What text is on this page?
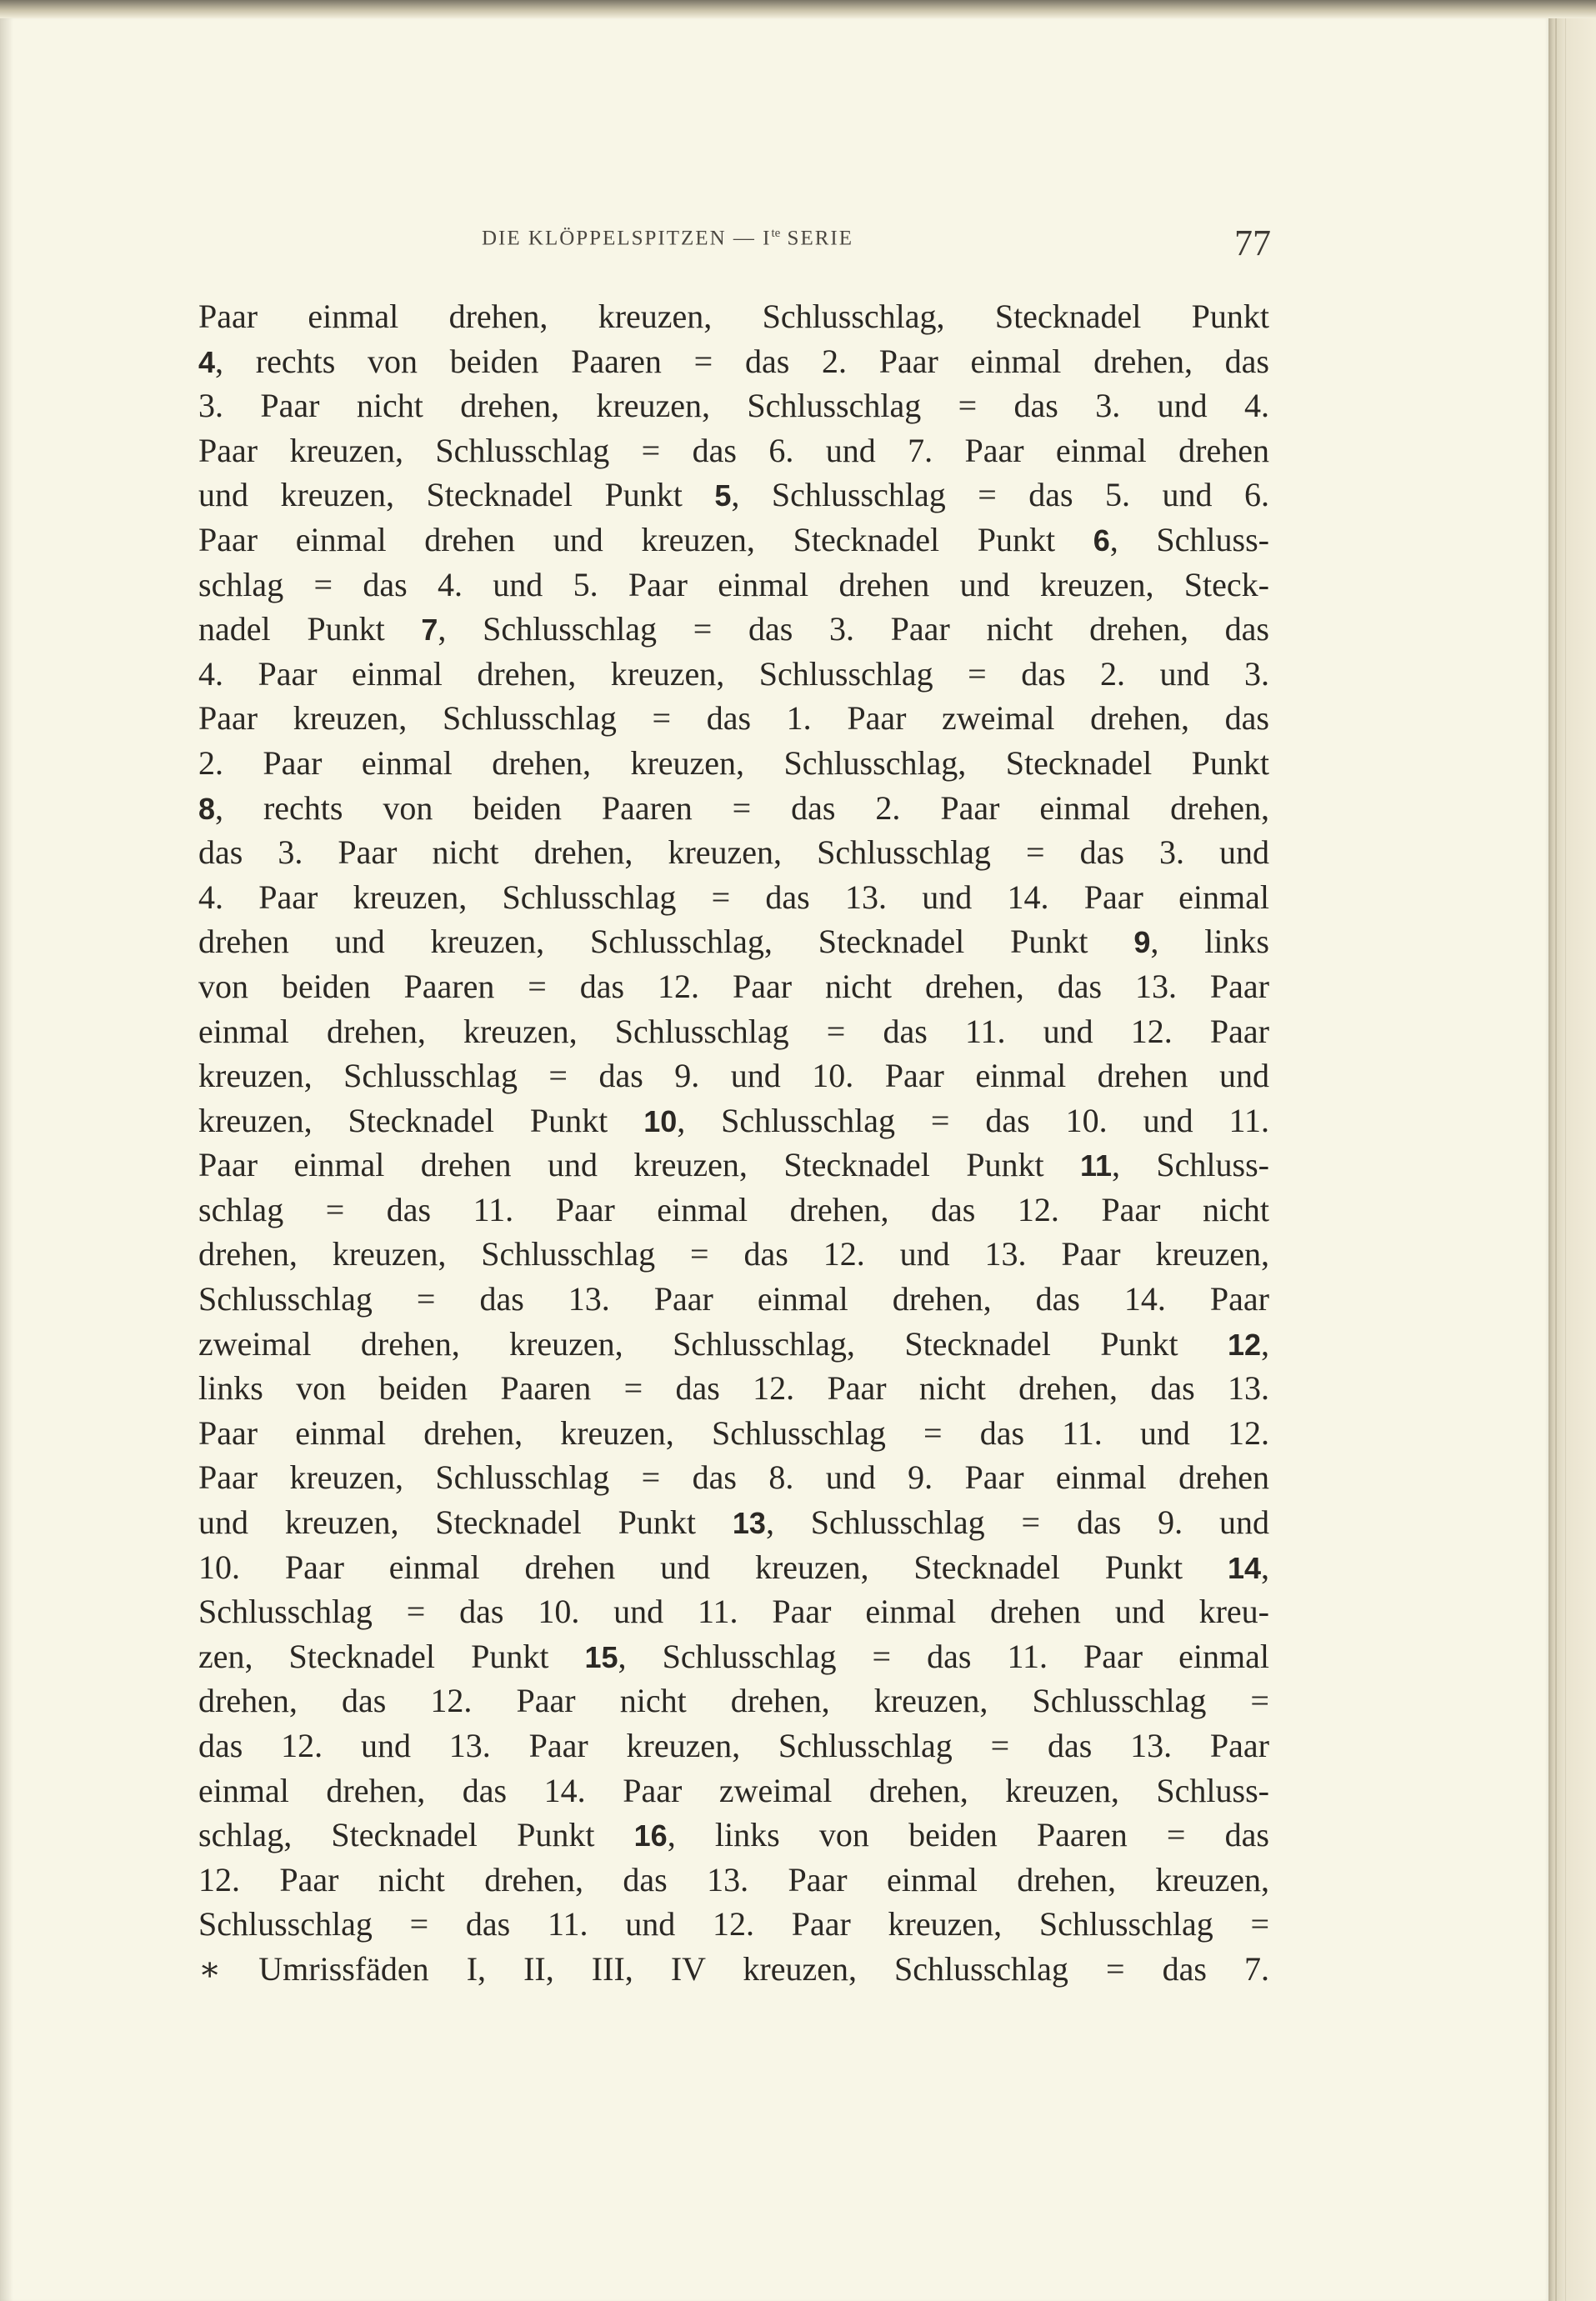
DIE KLÖPPELSPITZEN — $I^{te}$ SERIE	77
Paar einmal drehen, kreuzen, Schlusschlag, Stecknadel Punkt
4, rechts von beiden Paaren = das 2. Paar einmal drehen, das
3. Paar nicht drehen, kreuzen, Schlusschlag = das 3. und 4.
Paar kreuzen, Schlusschlag = das 6. und 7. Paar einmal drehen
und kreuzen, Stecknadel Punkt 5, Schlusschlag = das 5. und 6.
Paar einmal drehen und kreuzen, Stecknadel Punkt 6, Schluss-
schlag = das 4. und 5. Paar einmal drehen und kreuzen, Steck-
nadel Punkt 7, Schlusschlag = das 3. Paar nicht drehen, das
4. Paar einmal drehen, kreuzen, Schlusschlag = das 2. und 3.
Paar kreuzen, Schlusschlag = das 1. Paar zweimal drehen, das
2. Paar einmal drehen, kreuzen, Schlusschlag, Stecknadel Punkt
8, rechts von beiden Paaren = das 2. Paar einmal drehen,
das 3. Paar nicht drehen, kreuzen, Schlusschlag = das 3. und
4. Paar kreuzen, Schlusschlag = das 13. und 14. Paar einmal
drehen und kreuzen, Schlusschlag, Stecknadel Punkt 9, links
von beiden Paaren = das 12. Paar nicht drehen, das 13. Paar
einmal drehen, kreuzen, Schlusschlag = das 11. und 12. Paar
kreuzen, Schlusschlag = das 9. und 10. Paar einmal drehen und
kreuzen, Stecknadel Punkt 10, Schlusschlag = das 10. und 11.
Paar einmal drehen und kreuzen, Stecknadel Punkt 11, Schluss-
schlag = das 11. Paar einmal drehen, das 12. Paar nicht
drehen, kreuzen, Schlusschlag = das 12. und 13. Paar kreuzen,
Schlusschlag = das 13. Paar einmal drehen, das 14. Paar
zweimal drehen, kreuzen, Schlusschlag, Stecknadel Punkt 12,
links von beiden Paaren = das 12. Paar nicht drehen, das 13.
Paar einmal drehen, kreuzen, Schlusschlag = das 11. und 12.
Paar kreuzen, Schlusschlag = das 8. und 9. Paar einmal drehen
und kreuzen, Stecknadel Punkt 13, Schlusschlag = das 9. und
10. Paar einmal drehen und kreuzen, Stecknadel Punkt 14,
Schlusschlag = das 10. und 11. Paar einmal drehen und kreu-
zen, Stecknadel Punkt 15, Schlusschlag = das 11. Paar einmal
drehen, das 12. Paar nicht drehen, kreuzen, Schlusschlag =
das 12. und 13. Paar kreuzen, Schlusschlag = das 13. Paar
einmal drehen, das 14. Paar zweimal drehen, kreuzen, Schluss-
schlag, Stecknadel Punkt 16, links von beiden Paaren = das
12. Paar nicht drehen, das 13. Paar einmal drehen, kreuzen,
Schlusschlag = das 11. und 12. Paar kreuzen, Schlusschlag =
∗ Umrissfäden I, II, III, IV kreuzen, Schlusschlag = das 7.
